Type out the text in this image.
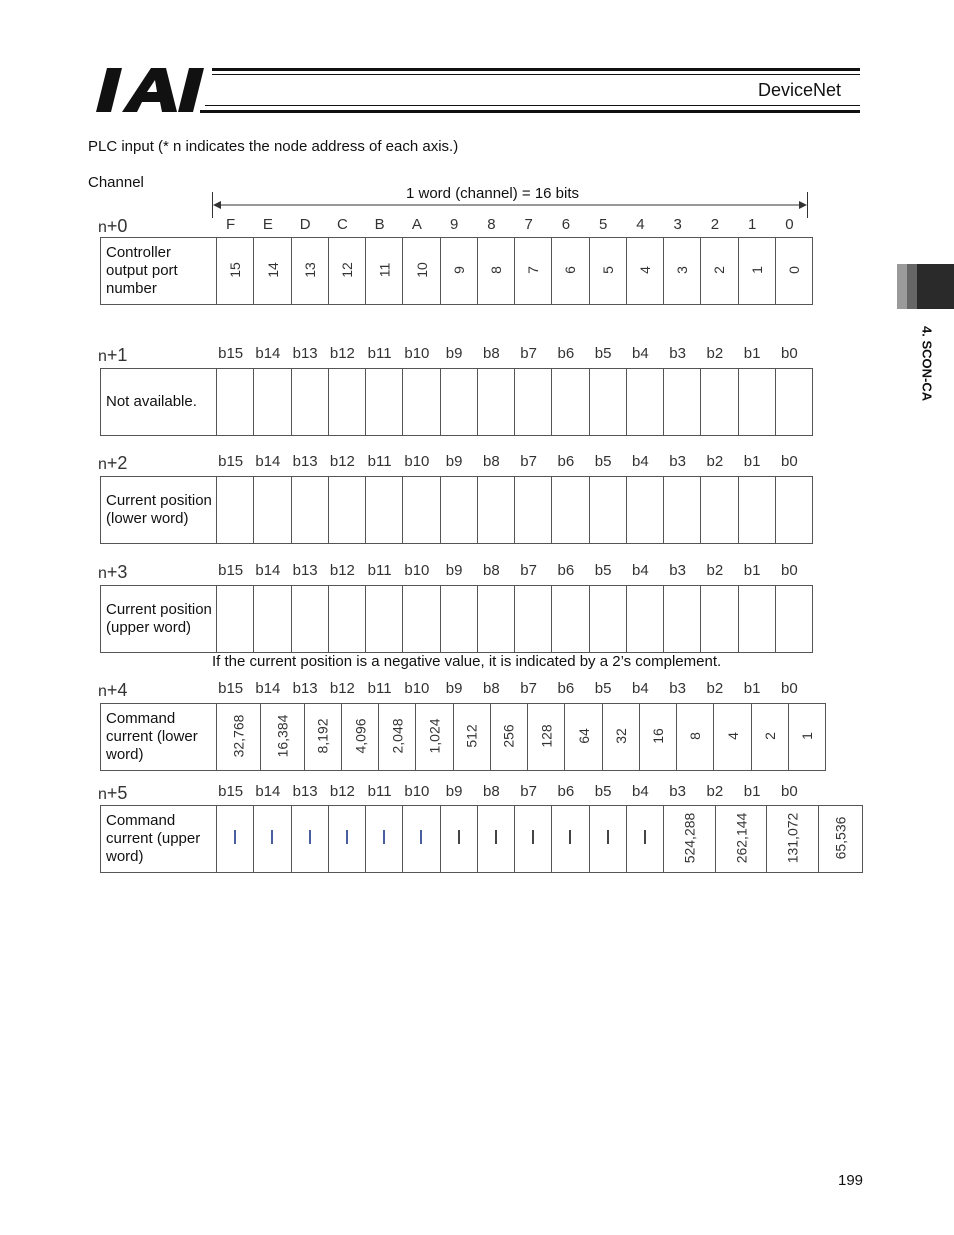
DeviceNet
4. SCON-CA
PLC input (* n indicates the node address of each axis.)
Channel
1 word (channel) = 16 bits
n+0	F	E	D	C	B	A	9	8	7	6	5	4	3	2	1	0
Controller output port number	15	14	13	12	11	10	9	8	7	6	5	4	3	2	1	0
n+1	b15 b14 b13 b12 b11 b10	b9	b8	b7	b6	b5	b4	b3	b2	b1	b0
Not available.																
n+2	b15 b14 b13 b12 b11 b10	b9	b8	b7	b6	b5	b4	b3	b2	b1	b0
Current position (lower word)																
n+3	b15 b14 b13 b12 b11 b10	b9	b8	b7	b6	b5	b4	b3	b2	b1	b0
Current position (upper word)																
n+4	b15 b14 b13 b12 b11 b10	b9	b8	b7	b6	b5	b4	b3	b2	b1	b0
Command current (lower word)	32,768	16,384	8,192	4,096	2,048	1,024	512	256	128	64	32	16	8	4	2	1
n+5	b15 b14 b13 b12 b11 b10	b9	b8	b7	b6	b5	b4	b3	b2	b1	b0
Command current (upper word)													524,288	262,144	131,072	65,536
If the current position is a negative value, it is indicated by a 2’s complement.
199
